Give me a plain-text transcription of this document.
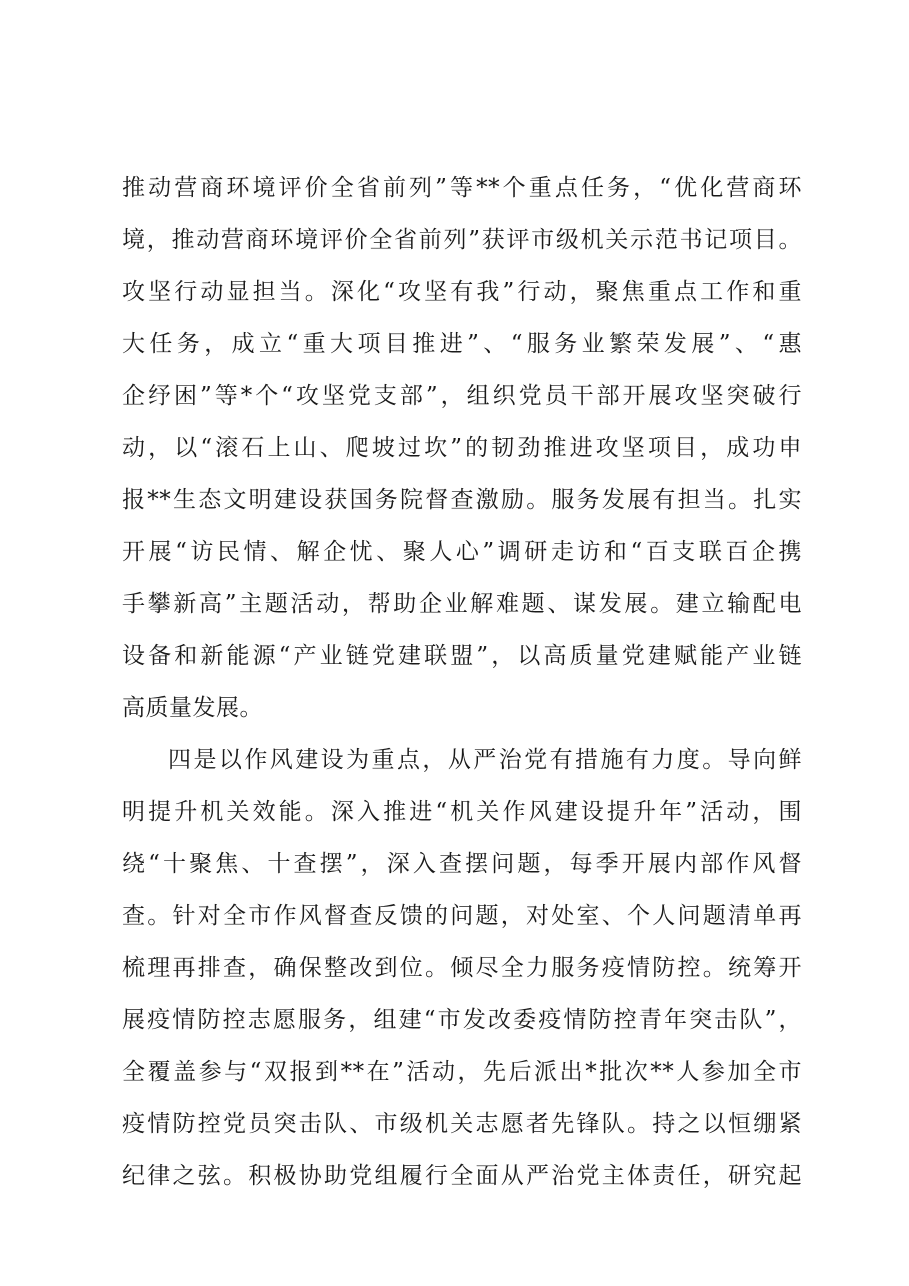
推动营商环境评价全省前列”等**个重点任务，“优化营商环
境，推动营商环境评价全省前列”获评市级机关示范书记项目。
攻坚行动显担当。深化“攻坚有我”行动，聚焦重点工作和重
大任务，成立“重大项目推进”、“服务业繁荣发展”、“惠
企纾困”等*个“攻坚党支部”，组织党员干部开展攻坚突破行
动，以“滚石上山、爬坡过坎”的韧劲推进攻坚项目，成功申
报**生态文明建设获国务院督查激励。服务发展有担当。扎实
开展“访民情、解企忧、聚人心”调研走访和“百支联百企携
手攀新高”主题活动，帮助企业解难题、谋发展。建立输配电
设备和新能源“产业链党建联盟”，以高质量党建赋能产业链
高质量发展。
四是以作风建设为重点，从严治党有措施有力度。导向鲜
明提升机关效能。深入推进“机关作风建设提升年”活动，围
绕“十聚焦、十查摆”，深入查摆问题，每季开展内部作风督
查。针对全市作风督查反馈的问题，对处室、个人问题清单再
梳理再排查，确保整改到位。倾尽全力服务疫情防控。统筹开
展疫情防控志愿服务，组建“市发改委疫情防控青年突击队”，
全覆盖参与“双报到**在”活动，先后派出*批次**人参加全市
疫情防控党员突击队、市级机关志愿者先锋队。持之以恒绷紧
纪律之弦。积极协助党组履行全面从严治党主体责任，研究起
